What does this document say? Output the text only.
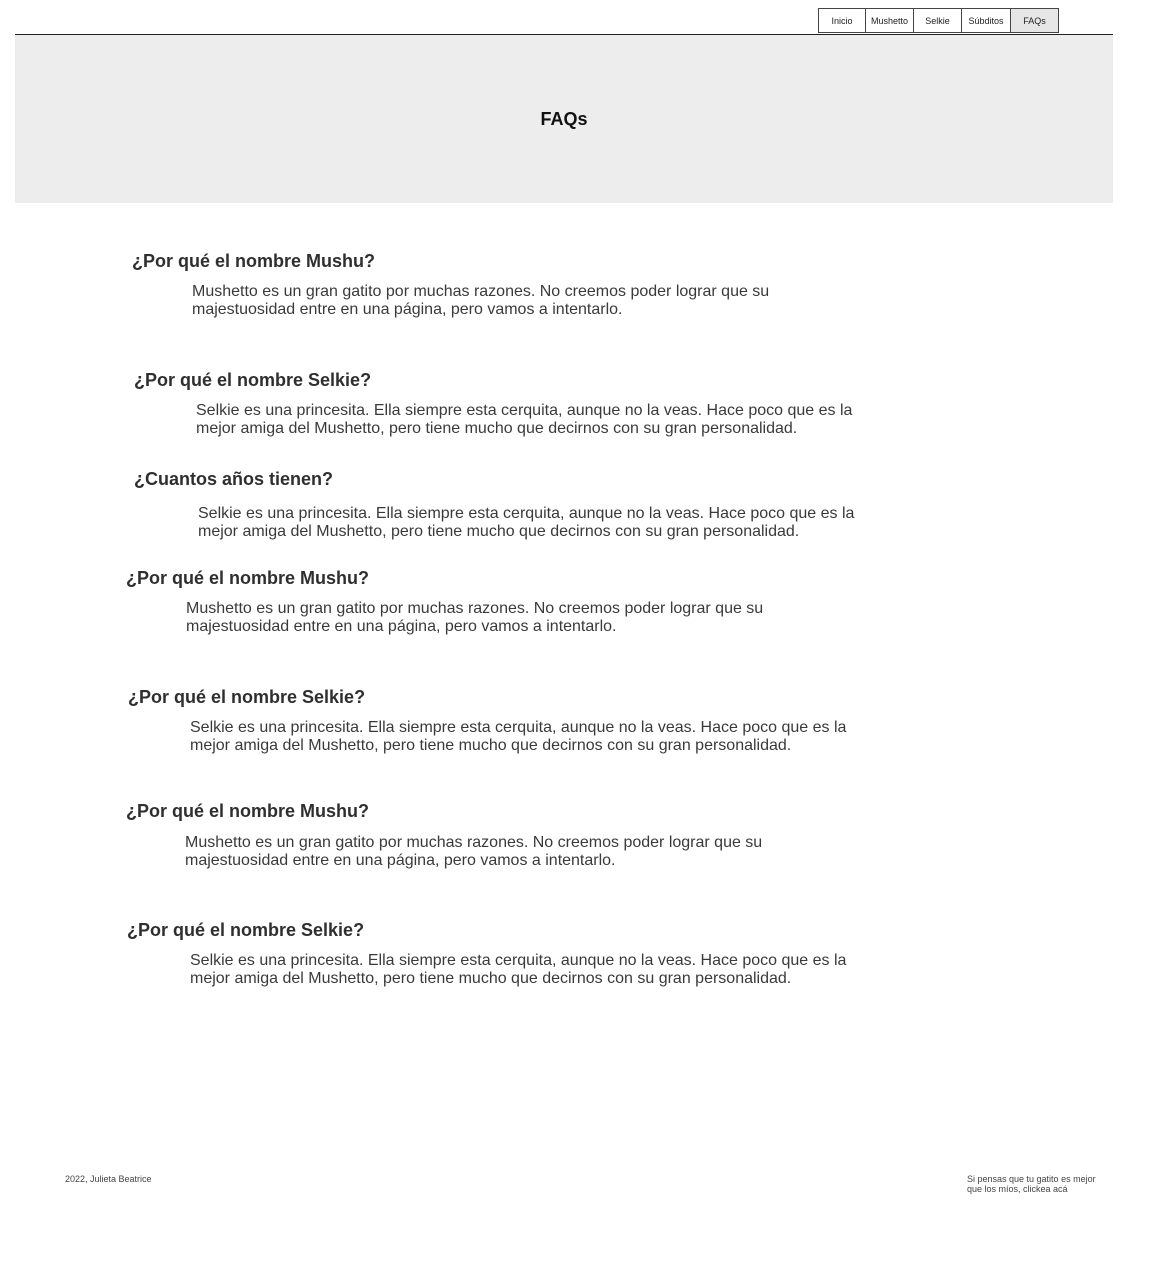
Inicio	Mushetto	Selkie	Súbditos	FAQs
FAQs
¿Por qué el nombre Mushu?
Mushetto es un gran gatito por muchas razones. No creemos poder lograr que su majestuosidad entre en una página, pero vamos a intentarlo.
¿Por qué el nombre Selkie?
Selkie es una princesita. Ella siempre esta cerquita, aunque no la veas. Hace poco que es la mejor amiga del Mushetto, pero tiene mucho que decirnos con su gran personalidad.
¿Cuantos años tienen?
Selkie es una princesita. Ella siempre esta cerquita, aunque no la veas. Hace poco que es la mejor amiga del Mushetto, pero tiene mucho que decirnos con su gran personalidad.
¿Por qué el nombre Mushu?
Mushetto es un gran gatito por muchas razones. No creemos poder lograr que su majestuosidad entre en una página, pero vamos a intentarlo.
¿Por qué el nombre Selkie?
Selkie es una princesita. Ella siempre esta cerquita, aunque no la veas. Hace poco que es la mejor amiga del Mushetto, pero tiene mucho que decirnos con su gran personalidad.
¿Por qué el nombre Mushu?
Mushetto es un gran gatito por muchas razones. No creemos poder lograr que su majestuosidad entre en una página, pero vamos a intentarlo.
¿Por qué el nombre Selkie?
Selkie es una princesita. Ella siempre esta cerquita, aunque no la veas. Hace poco que es la mejor amiga del Mushetto, pero tiene mucho que decirnos con su gran personalidad.
2022, Julieta Beatrice	Si pensas que tu gatito es mejor que los míos, clickea acá
